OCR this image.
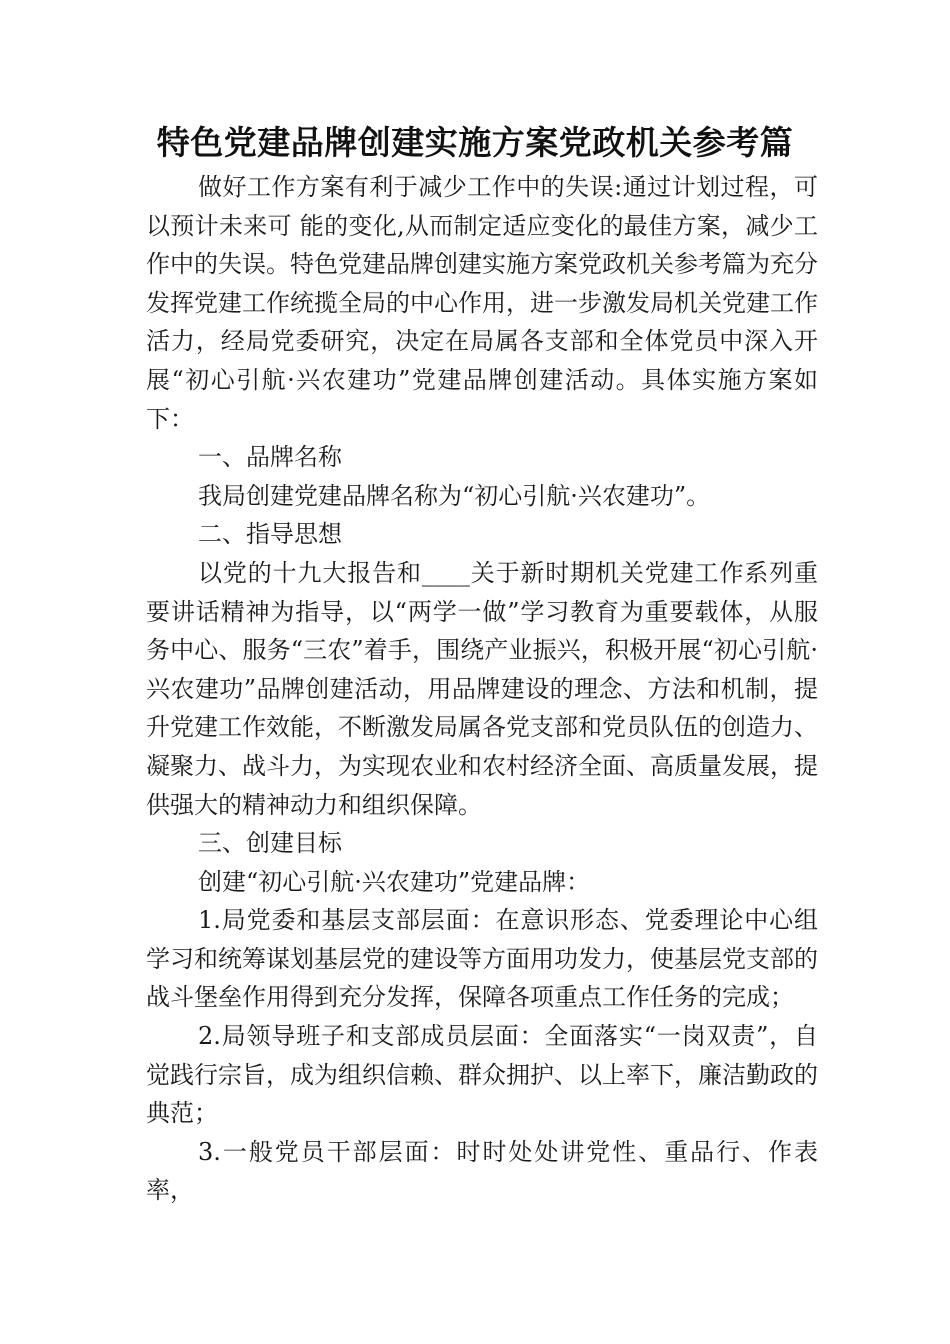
特色党建品牌创建实施方案党政机关参考篇

做好工作方案有利于减少工作中的失误:通过计划过程，可以预计未来可 能的变化,从而制定适应变化的最佳方案，减少工作中的失误。特色党建品牌创建实施方案党政机关参考篇为充分发挥党建工作统揽全局的中心作用，进一步激发局机关党建工作活力，经局党委研究，决定在局属各支部和全体党员中深入开展“初心引航·兴农建功”党建品牌创建活动。具体实施方案如下：

一、品牌名称

我局创建党建品牌名称为“初心引航·兴农建功”。

二、指导思想

以党的十九大报告和____关于新时期机关党建工作系列重要讲话精神为指导，以“两学一做”学习教育为重要载体，从服务中心、服务“三农”着手，围绕产业振兴，积极开展“初心引航·兴农建功”品牌创建活动，用品牌建设的理念、方法和机制，提升党建工作效能，不断激发局属各党支部和党员队伍的创造力、凝聚力、战斗力，为实现农业和农村经济全面、高质量发展，提供强大的精神动力和组织保障。

三、创建目标

创建“初心引航·兴农建功”党建品牌：

1.局党委和基层支部层面：在意识形态、党委理论中心组学习和统筹谋划基层党的建设等方面用功发力，使基层党支部的战斗堡垒作用得到充分发挥，保障各项重点工作任务的完成；

2.局领导班子和支部成员层面：全面落实“一岗双责”，自觉践行宗旨，成为组织信赖、群众拥护、以上率下，廉洁勤政的典范；

3.一般党员干部层面：时时处处讲党性、重品行、作表率，
